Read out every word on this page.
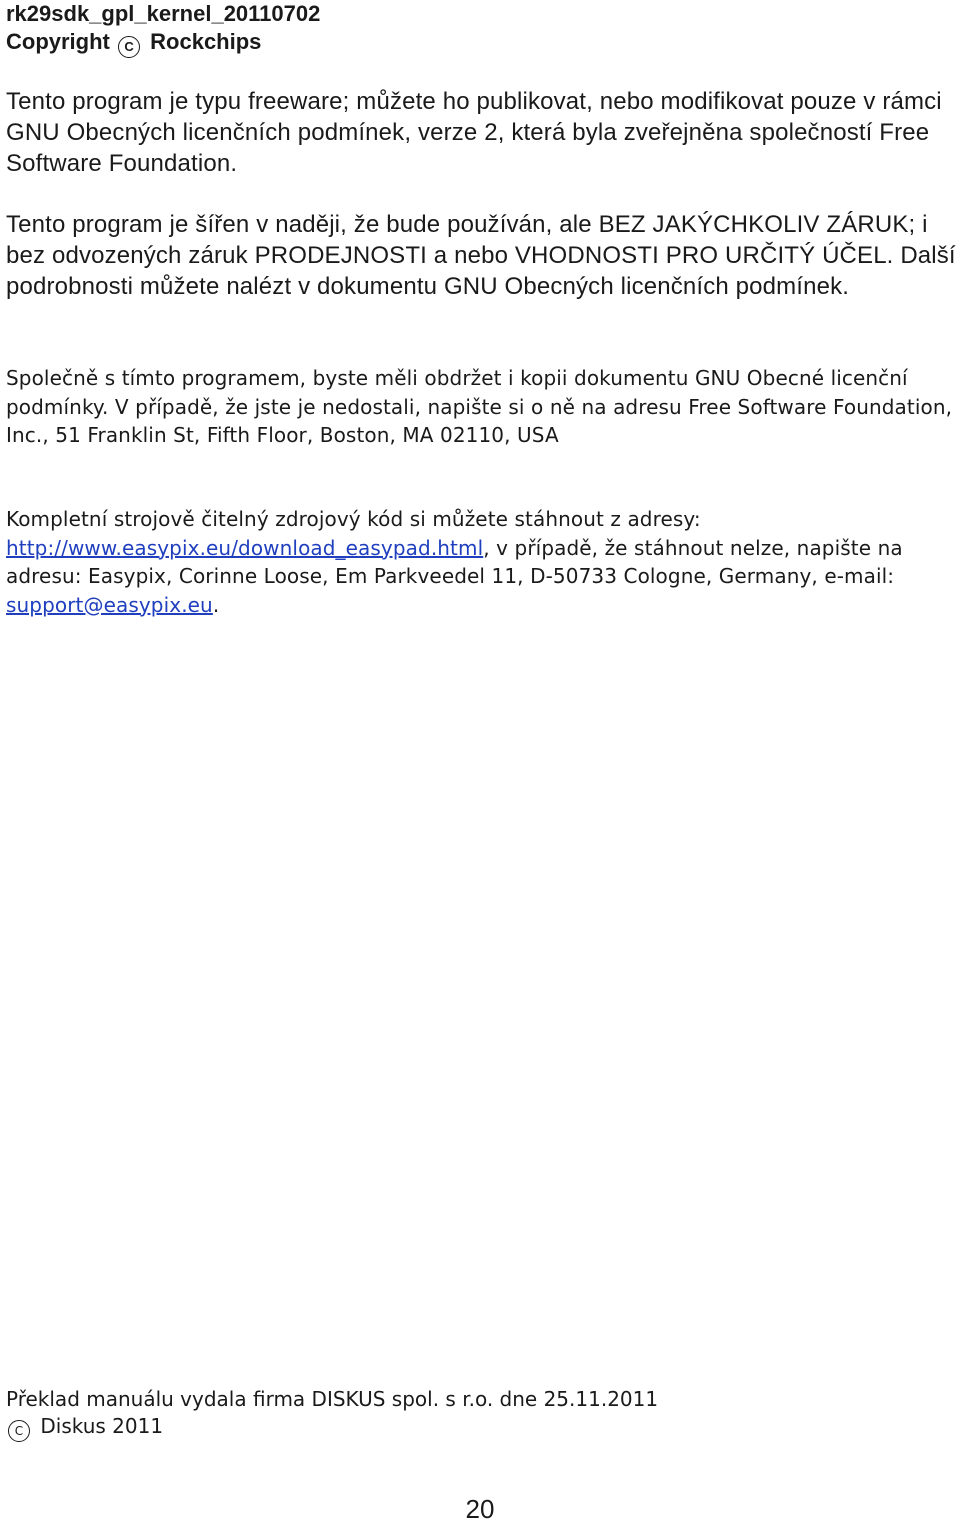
rk29sdk_gpl_kernel_20110702
Copyright C Rockchips

Tento program je typu freeware; můžete ho publikovat, nebo modifikovat pouze v rámci GNU Obecných licenčních podmínek, verze 2, která byla zveřejněna společností Free Software Foundation.

Tento program je šířen v naději, že bude používán, ale BEZ JAKÝCHKOLIV ZÁRUK; i bez odvozených záruk PRODEJNOSTI a nebo VHODNOSTI PRO URČITÝ ÚČEL. Další podrobnosti můžete nalézt v dokumentu GNU Obecných licenčních podmínek.

Společně s tímto programem, byste měli obdržet i kopii dokumentu GNU Obecné licenční podmínky. V případě, že jste je nedostali, napište si o ně na adresu Free Software Foundation, Inc., 51 Franklin St, Fifth Floor, Boston, MA 02110, USA

Kompletní strojově čitelný zdrojový kód si můžete stáhnout z adresy:
http://www.easypix.eu/download_easypad.html, v případě, že stáhnout nelze, napište na adresu: Easypix, Corinne Loose, Em Parkveedel 11, D-50733 Cologne, Germany, e-mail: support@easypix.eu.

Překlad manuálu vydala firma DISKUS spol. s r.o. dne 25.11.2011
C Diskus 2011
20
